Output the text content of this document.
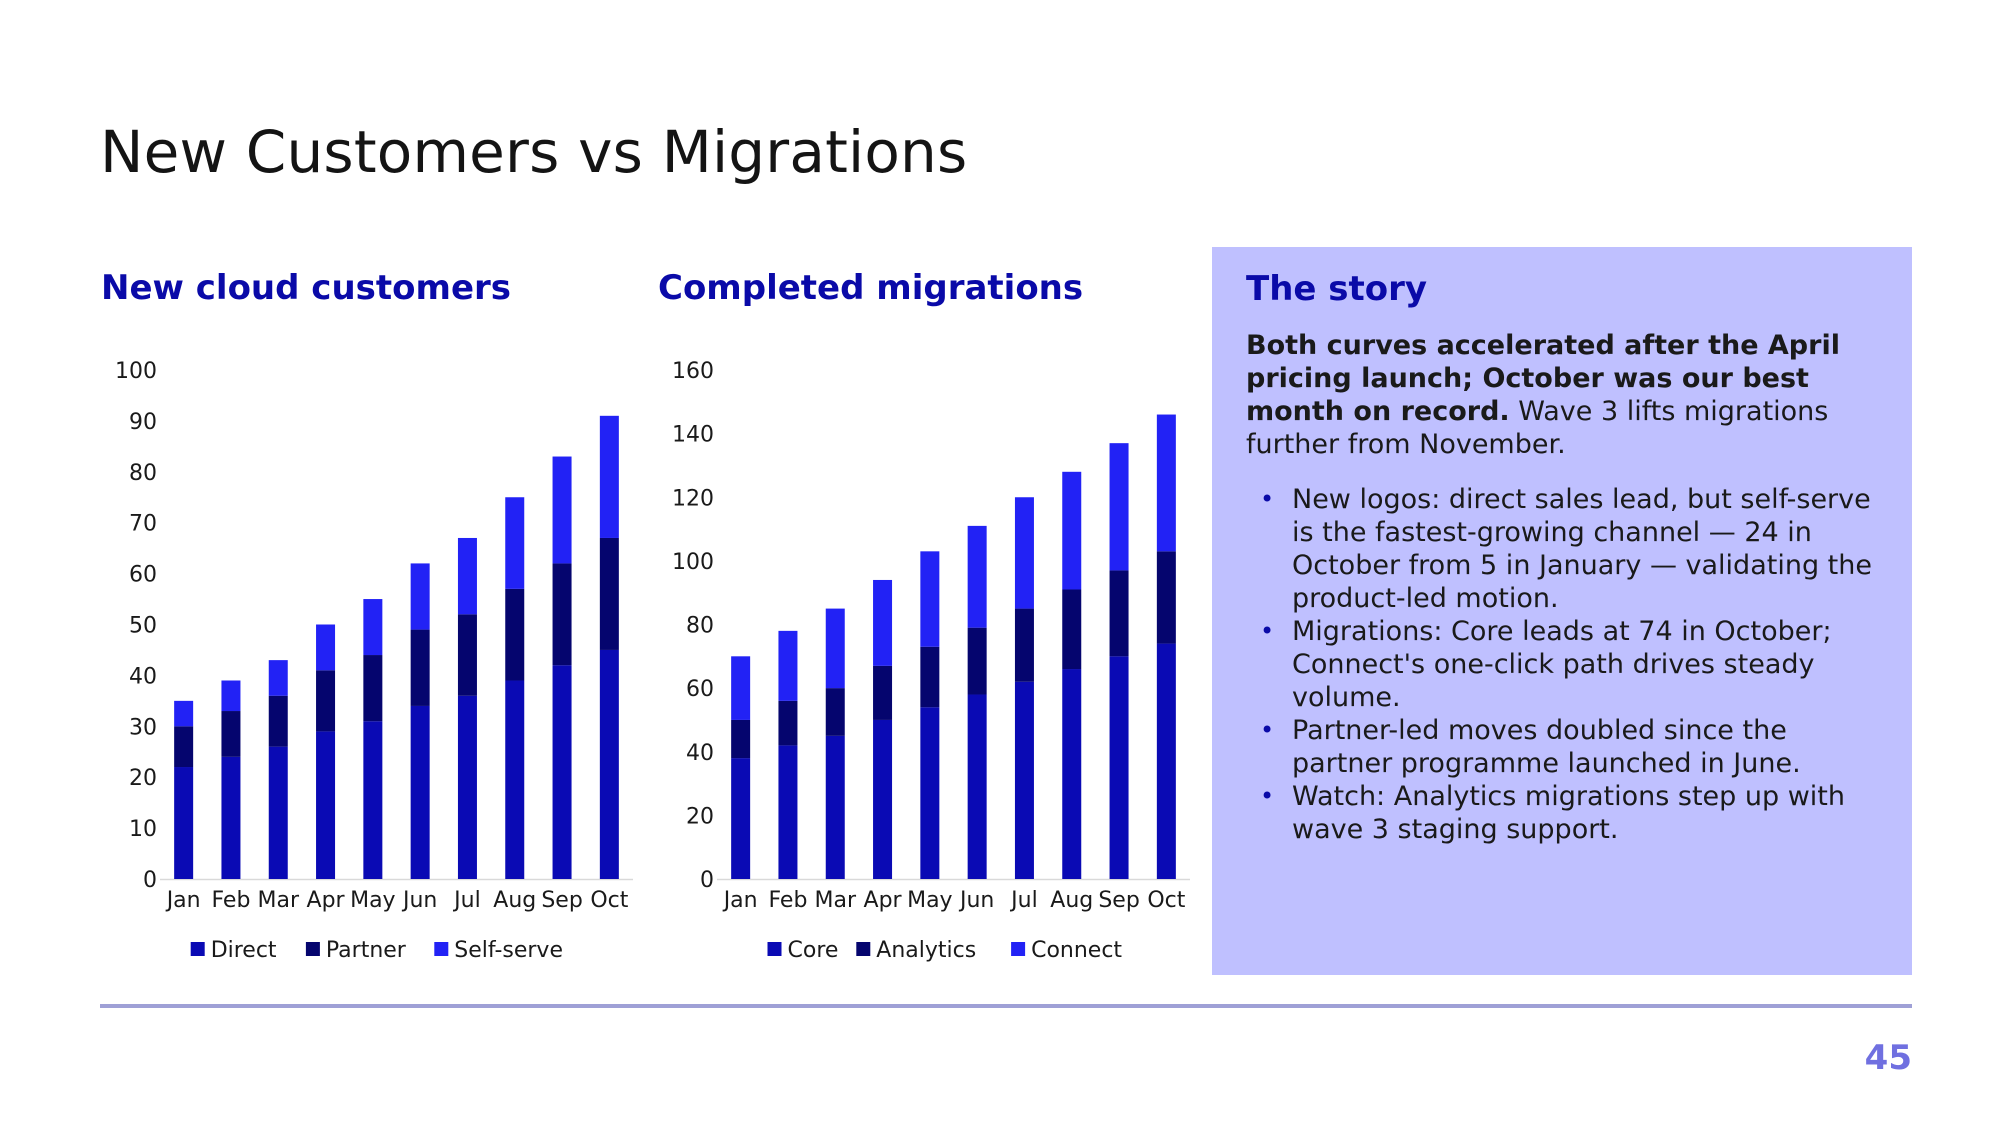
New Customers vs Migrations
New cloud customers
0
10
20
30
40
50
60
70
80
90
100
Jan Feb Mar Apr May Jun Jul Aug Sep Oct
Direct Partner Self-serve
Completed migrations
0
20
40
60
80
100
120
140
160
Jan Feb Mar Apr May Jun Jul Aug Sep Oct
Core Analytics Connect
The story

Both curves accelerated after the April pricing launch; October was our best month on record. Wave 3 lifts migrations further from November.

• New logos: direct sales lead, but self-serve is the fastest-growing channel — 24 in October from 5 in January — validating the product-led motion.
• Migrations: Core leads at 74 in October; Connect's one-click path drives steady volume.
• Partner-led moves doubled since the partner programme launched in June.
• Watch: Analytics migrations step up with wave 3 staging support.
45
